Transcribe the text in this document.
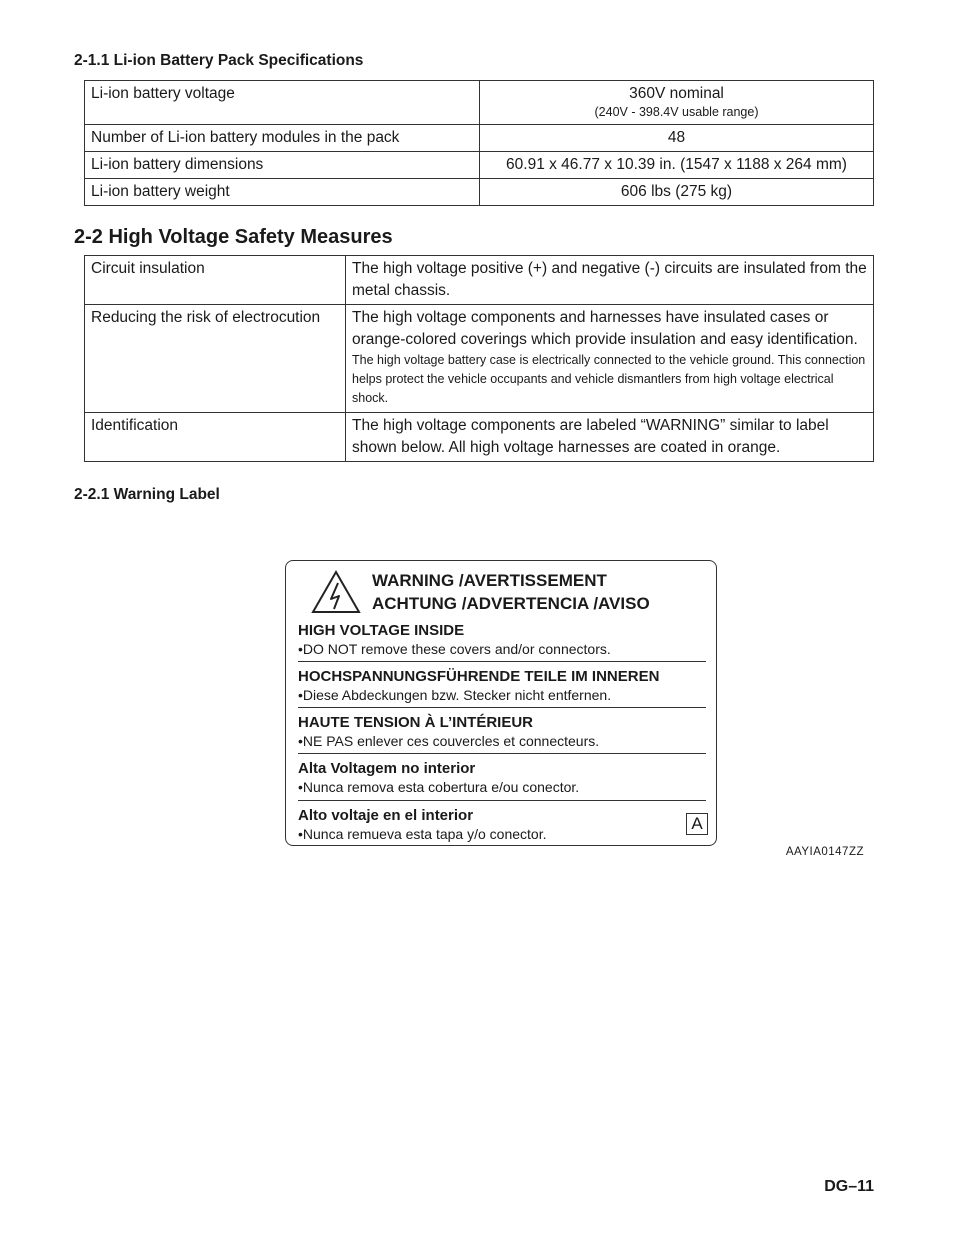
2-1.1 Li-ion Battery Pack Specifications
Li-ion battery voltage	360V nominal
(240V - 398.4V usable range)

Number of Li-ion battery modules in the pack	48
Li-ion battery dimensions	60.91 x 46.77 x 10.39 in. (1547 x 1188 x 264 mm)
Li-ion battery weight	606 lbs (275 kg)
2-2 High Voltage Safety Measures
Circuit insulation	The high voltage positive (+) and negative (-) circuits are insulated from the metal chassis.
Reducing the risk of electrocution	The high voltage components and harnesses have insulated cases or orange-colored coverings which provide insulation and easy identification.
The high voltage battery case is electrically connected to the vehicle ground. This connection helps protect the vehicle occupants and vehicle dismantlers from high voltage electrical shock.

Identification	The high voltage components are labeled “WARNING” similar to label shown below. All high voltage harnesses are coated in orange.
2-2.1 Warning Label
WARNING /AVERTISSEMENT
ACHTUNG /ADVERTENCIA /AVISO
HIGH VOLTAGE INSIDE
•DO NOT remove these covers and/or connectors.
HOCHSPANNUNGSFÜHRENDE TEILE IM INNEREN
•Diese Abdeckungen bzw. Stecker nicht entfernen.
HAUTE TENSION À L’INTÉRIEUR
•NE PAS enlever ces couvercles et connecteurs.
Alta Voltagem no interior
•Nunca remova esta cobertura e/ou conector.
Alto voltaje en el interior
•Nunca remueva esta tapa y/o conector.
A

AAYIA0147ZZ

DG–11
